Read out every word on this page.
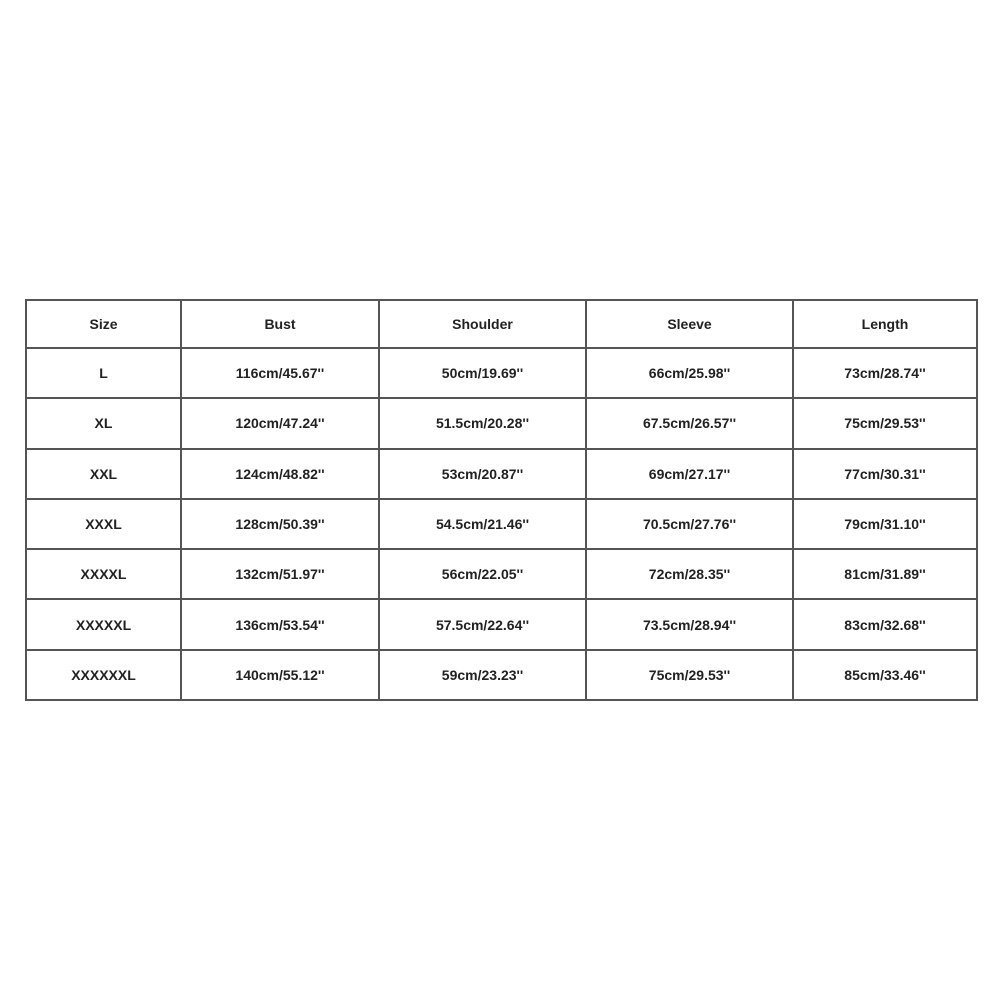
Size	Bust	Shoulder	Sleeve	Length
L	116cm/45.67''	50cm/19.69''	66cm/25.98''	73cm/28.74''
XL	120cm/47.24''	51.5cm/20.28''	67.5cm/26.57''	75cm/29.53''
XXL	124cm/48.82''	53cm/20.87''	69cm/27.17''	77cm/30.31''
XXXL	128cm/50.39''	54.5cm/21.46''	70.5cm/27.76''	79cm/31.10''
XXXXL	132cm/51.97''	56cm/22.05''	72cm/28.35''	81cm/31.89''
XXXXXL	136cm/53.54''	57.5cm/22.64''	73.5cm/28.94''	83cm/32.68''
XXXXXXL	140cm/55.12''	59cm/23.23''	75cm/29.53''	85cm/33.46''
